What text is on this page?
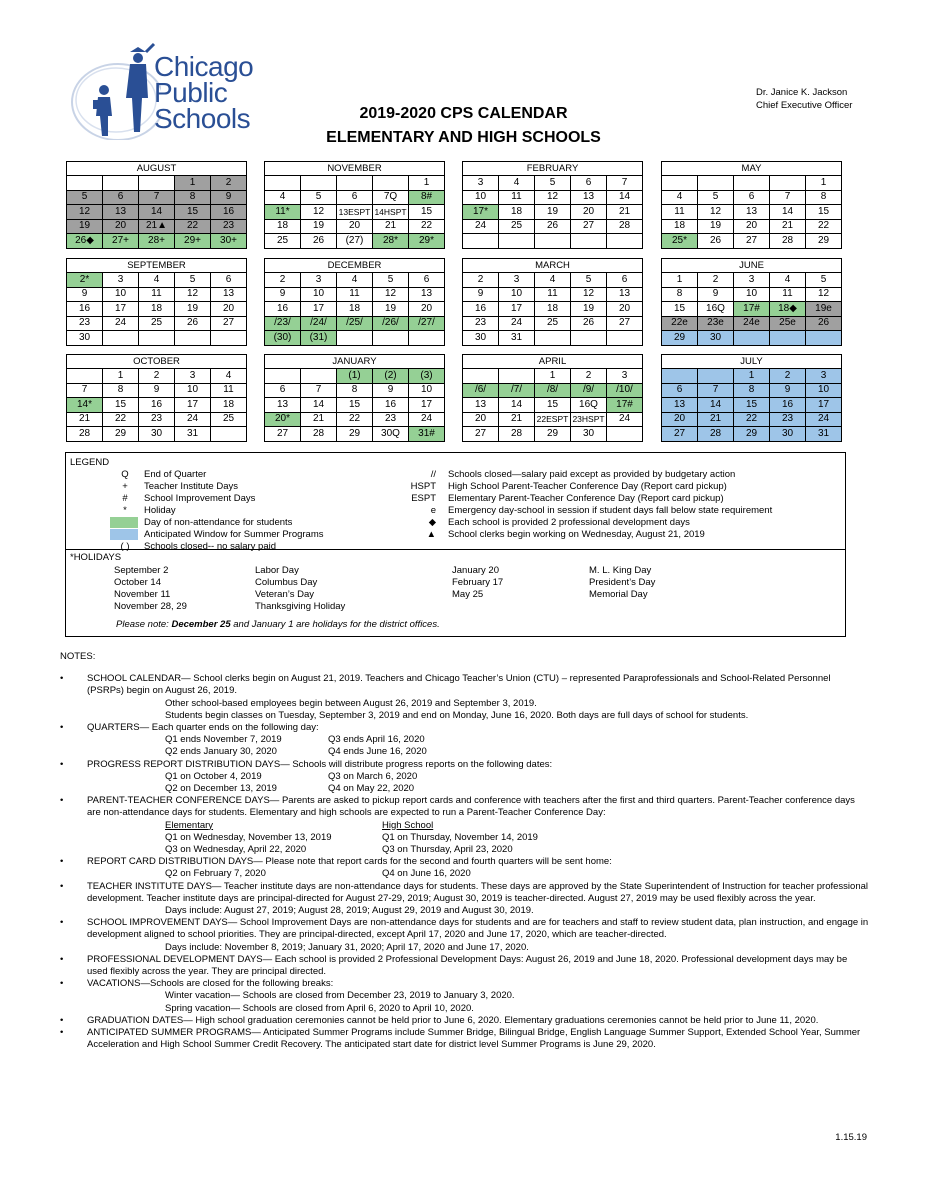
Chicago
Public
Schools
Dr. Janice K. Jackson
Chief Executive Officer
2019-2020 CPS CALENDAR
ELEMENTARY AND HIGH SCHOOLS
AUGUST				
			1	2
5	6	7	8	9
12	13	14	15	16
19	20	21▲	22	23
26◆	27+	28+	29+	30+
NOVEMBER				
				1
4	5	6	7Q	8#
11*	12	13ESPT	14HSPT	15
18	19	20	21	22
25	26	(27)	28*	29*
FEBRUARY				
3	4	5	6	7
10	11	12	13	14
17*	18	19	20	21
24	25	26	27	28

MAY				
				1
4	5	6	7	8
11	12	13	14	15
18	19	20	21	22
25*	26	27	28	29
SEPTEMBER				
2*	3	4	5	6
9	10	11	12	13
16	17	18	19	20
23	24	25	26	27
30				
DECEMBER				
2	3	4	5	6
9	10	11	12	13
16	17	18	19	20
/23/	/24/	/25/	/26/	/27/
(30)	(31)			
MARCH				
2	3	4	5	6
9	10	11	12	13
16	17	18	19	20
23	24	25	26	27
30	31			
JUNE				
1	2	3	4	5
8	9	10	11	12
15	16Q	17#	18◆	19e
22e	23e	24e	25e	26
29	30			
OCTOBER				
	1	2	3	4
7	8	9	10	11
14*	15	16	17	18
21	22	23	24	25
28	29	30	31	
JANUARY				
		(1)	(2)	(3)
6	7	8	9	10
13	14	15	16	17
20*	21	22	23	24
27	28	29	30Q	31#
APRIL				
		1	2	3
/6/	/7/	/8/	/9/	/10/
13	14	15	16Q	17#
20	21	22ESPT	23HSPT	24
27	28	29	30	
JULY				
		1	2	3
6	7	8	9	10
13	14	15	16	17
20	21	22	23	24
27	28	29	30	31
LEGEND
Q	End of Quarter
+	Teacher Institute Days
#	School Improvement Days
*	Holiday
Day of non-attendance for students
Anticipated Window for Summer Programs
( ) Schools closed-- no salary paid
// Schools closed—salary paid except as provided by budgetary action
HSPT High School Parent-Teacher Conference Day (Report card pickup)
ESPT Elementary Parent-Teacher Conference Day (Report card pickup)
e Emergency day-school in session if student days fall below state requirement
◆ Each school is provided 2 professional development days
▲ School clerks begin working on Wednesday, August 21, 2019
*HOLIDAYS
September 2	Labor Day	January 20	M. L. King Day
October 14	Columbus Day	February 17	President’s Day
November 11	Veteran’s Day	May 25	Memorial Day
November 28, 29	Thanksgiving Holiday
Please note: December 25 and January 1 are holidays for the district offices.
NOTES:
•	SCHOOL CALENDAR— School clerks begin on August 21, 2019. Teachers and Chicago Teacher’s Union (CTU) – represented Paraprofessionals and School-Related Personnel (PSRPs) begin on August 26, 2019.
Other school-based employees begin between August 26, 2019 and September 3, 2019.
Students begin classes on Tuesday, September 3, 2019 and end on Monday, June 16, 2020. Both days are full days of school for students.
•	QUARTERS— Each quarter ends on the following day:
Q1 ends November 7, 2019	Q3 ends April 16, 2020
Q2 ends January 30, 2020	Q4 ends June 16, 2020
•	PROGRESS REPORT DISTRIBUTION DAYS— Schools will distribute progress reports on the following dates:
Q1 on October 4, 2019	Q3 on March 6, 2020
Q2 on December 13, 2019	Q4 on May 22, 2020
•	PARENT-TEACHER CONFERENCE DAYS— Parents are asked to pickup report cards and conference with teachers after the first and third quarters. Parent-Teacher conference days are non-attendance days for students. Elementary and high schools are expected to run a Parent-Teacher Conference Day:
Elementary	High School
Q1 on Wednesday, November 13, 2019	Q1 on Thursday, November 14, 2019
Q3 on Wednesday, April 22, 2020	Q3 on Thursday, April 23, 2020
•	REPORT CARD DISTRIBUTION DAYS— Please note that report cards for the second and fourth quarters will be sent home:
Q2 on February 7, 2020	Q4 on June 16, 2020
•	TEACHER INSTITUTE DAYS— Teacher institute days are non-attendance days for students. These days are approved by the State Superintendent of Instruction for teacher professional development. Teacher institute days are principal-directed for August 27-29, 2019; August 30, 2019 is teacher-directed. August 27, 2019 may be used flexibly across the year.
Days include: August 27, 2019; August 28, 2019; August 29, 2019 and August 30, 2019.
•	SCHOOL IMPROVEMENT DAYS— School Improvement Days are non-attendance days for students and are for teachers and staff to review student data, plan instruction, and engage in development aligned to school priorities. They are principal-directed, except April 17, 2020 and June 17, 2020, which are teacher-directed.
Days include: November 8, 2019; January 31, 2020; April 17, 2020 and June 17, 2020.
•	PROFESSIONAL DEVELOPMENT DAYS— Each school is provided 2 Professional Development Days: August 26, 2019 and June 18, 2020. Professional development days may be used flexibly across the year. They are principal directed.
•	VACATIONS—Schools are closed for the following breaks:
Winter vacation— Schools are closed from December 23, 2019 to January 3, 2020.
Spring vacation— Schools are closed from April 6, 2020 to April 10, 2020.
•	GRADUATION DATES— High school graduation ceremonies cannot be held prior to June 6, 2020. Elementary graduations ceremonies cannot be held prior to June 11, 2020.
•	ANTICIPATED SUMMER PROGRAMS— Anticipated Summer Programs include Summer Bridge, Bilingual Bridge, English Language Summer Support, Extended School Year, Summer Acceleration and High School Summer Credit Recovery. The anticipated start date for district level Summer Programs is June 29, 2020.
1.15.19
